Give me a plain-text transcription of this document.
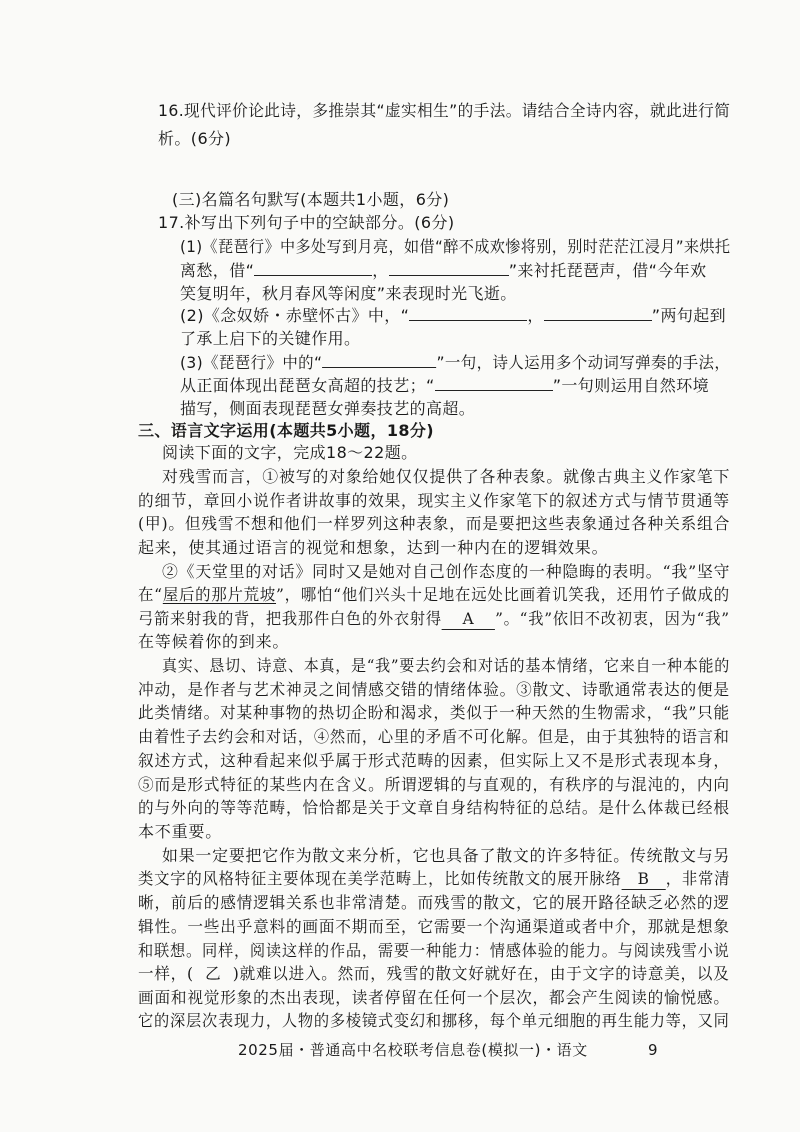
16.现代评价论此诗，多推崇其“虚实相生”的手法。请结合全诗内容，就此进行简
析。(6分)
(三)名篇名句默写(本题共1小题，6分)
17.补写出下列句子中的空缺部分。(6分)
(1)《琵琶行》中多处写到月亮，如借“醉不成欢惨将别，别时茫茫江浸月”来烘托
离愁，借“	，	”来衬托琵琶声，借“今年欢
笑复明年，秋月春风等闲度”来表现时光飞逝。
(2)《念奴娇・赤壁怀古》中，“	，	”两句起到
了承上启下的关键作用。
(3)《琵琶行》中的“	”一句，诗人运用多个动词写弹奏的手法，
从正面体现出琵琶女高超的技艺；“	”一句则运用自然环境
描写，侧面表现琵琶女弹奏技艺的高超。
三、语言文字运用(本题共5小题，18分)
阅读下面的文字，完成18～22题。
对残雪而言，①被写的对象给她仅仅提供了各种表象。就像古典主义作家笔下
的细节，章回小说作者讲故事的效果，现实主义作家笔下的叙述方式与情节贯通等
(甲)。但残雪不想和他们一样罗列这种表象，而是要把这些表象通过各种关系组合
起来，使其通过语言的视觉和想象，达到一种内在的逻辑效果。
②《天堂里的对话》同时又是她对自己创作态度的一种隐晦的表明。“我”坚守
在“屋后的那片荒坡”，哪怕“他们兴头十足地在远处比画着讥笑我，还用竹子做成的
弓箭来射我的背，把我那件白色的外衣射得 A ”。“我”依旧不改初衷，因为“我”
在等候着你的到来。
真实、恳切、诗意、本真，是“我”要去约会和对话的基本情绪，它来自一种本能的
冲动，是作者与艺术神灵之间情感交错的情绪体验。③散文、诗歌通常表达的便是
此类情绪。对某种事物的热切企盼和渴求，类似于一种天然的生物需求，“我”只能
由着性子去约会和对话，④然而，心里的矛盾不可化解。但是，由于其独特的语言和
叙述方式，这种看起来似乎属于形式范畴的因素，但实际上又不是形式表现本身，
⑤而是形式特征的某些内在含义。所谓逻辑的与直观的，有秩序的与混沌的，内向
的与外向的等等范畴，恰恰都是关于文章自身结构特征的总结。是什么体裁已经根
本不重要。
如果一定要把它作为散文来分析，它也具备了散文的许多特征。传统散文与另
类文字的风格特征主要体现在美学范畴上，比如传统散文的展开脉络 B ，非常清
晰，前后的感情逻辑关系也非常清楚。而残雪的散文，它的展开路径缺乏必然的逻
辑性。一些出乎意料的画面不期而至，它需要一个沟通渠道或者中介，那就是想象
和联想。同样，阅读这样的作品，需要一种能力：情感体验的能力。与阅读残雪小说
一样，( 乙 )就难以进入。然而，残雪的散文好就好在，由于文字的诗意美，以及
画面和视觉形象的杰出表现，读者停留在任何一个层次，都会产生阅读的愉悦感。
它的深层次表现力，人物的多棱镜式变幻和挪移，每个单元细胞的再生能力等，又同
2025届・普通高中名校联考信息卷(模拟一)・语文	9
